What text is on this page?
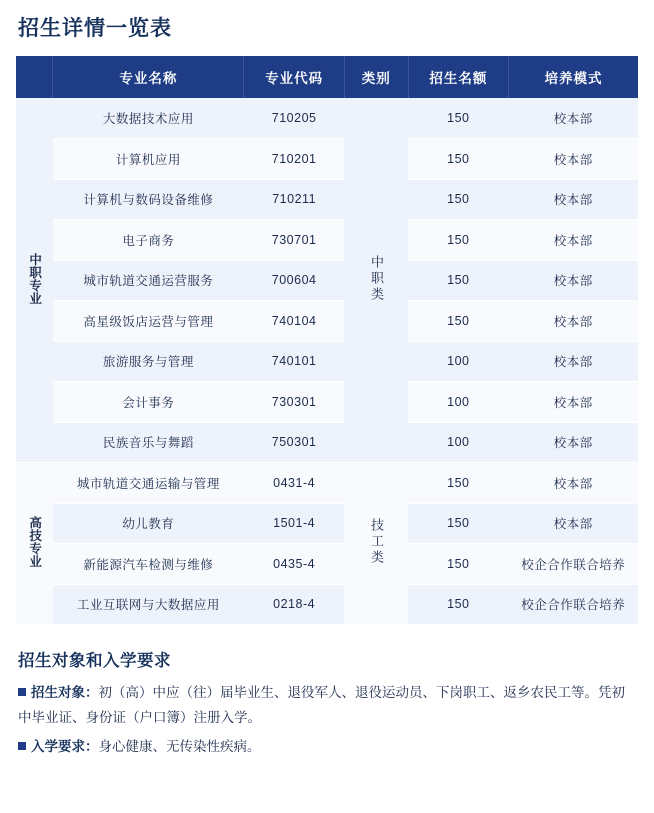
招生详情一览表
	专业名称	专业代码	类别	招生名额	培养模式
中职专业	大数据技术应用	710205	中职类	150	校本部
	计算机应用	710201		150	校本部
	计算机与数码设备维修	710211		150	校本部
	电子商务	730701		150	校本部
	城市轨道交通运营服务	700604		150	校本部
	高星级饭店运营与管理	740104		150	校本部
	旅游服务与管理	740101		100	校本部
	会计事务	730301		100	校本部
	民族音乐与舞蹈	750301		100	校本部
高技专业	城市轨道交通运输与管理	0431-4	技工类	150	校本部
	幼儿教育	1501-4		150	校本部
	新能源汽车检测与维修	0435-4		150	校企合作联合培养
	工业互联网与大数据应用	0218-4		150	校企合作联合培养
招生对象和入学要求
招生对象：初（高）中应（往）届毕业生、退役军人、退役运动员、下岗职工、返乡农民工等。凭初中毕业证、身份证（户口簿）注册入学。
入学要求：身心健康、无传染性疾病。
